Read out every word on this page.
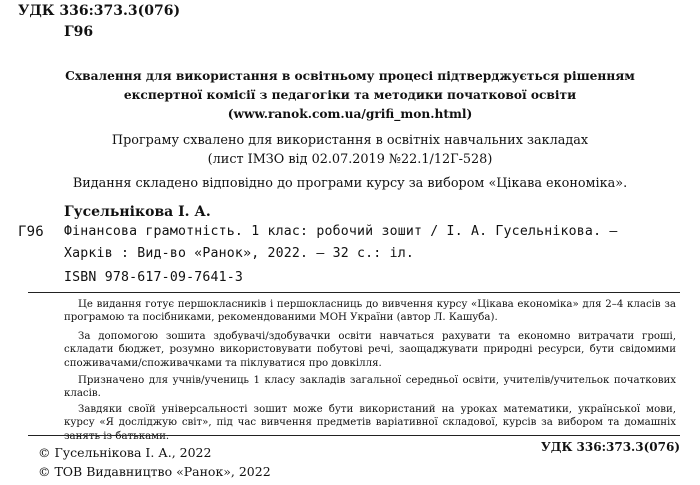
УДК 336:373.3(076)
Г96
Схвалення для використання в освітньому процесі підтверджується рішенням
експертної комісії з педагогіки та методики початкової освіти
(www.ranok.com.ua/grifi_mon.html)
Програму схвалено для використання в освітніх навчальних закладах
(лист ІМЗО від 02.07.2019 №22.1/12Г-528)
Видання складено відповідно до програми курсу за вибором «Цікава економіка».
Гусельнікова І. А.
Г96 Фінансова грамотність. 1 клас: робочий зошит / І. А. Гусельнікова. —
Харків : Вид-во «Ранок», 2022. — 32 с.: іл.
ISBN 978-617-09-7641-3
Це видання готує першокласників і першокласниць до вивчення курсу «Цікава економіка» для 2–4 класів за програмою та посібниками, рекомендованими МОН України (автор Л. Кашуба).
За допомогою зошита здобувачі/здобувачки освіти навчаться рахувати та економно витрачати гроші, складати бюджет, розумно використовувати побутові речі, заощаджувати природні ресурси, бути свідомими споживачами/споживачками та піклуватися про довкілля.
Призначено для учнів/учениць 1 класу закладів загальної середньої освіти, учителів/учительок початкових класів.
Завдяки своїй універсальності зошит може бути використаний на уроках математики, української мови, курсу «Я досліджую світ», під час вивчення предметів варіативної складової, курсів за вибором та домашніх занять із батьками.
УДК 336:373.3(076)
© Гусельнікова І. А., 2022
© ТОВ Видавництво «Ранок», 2022
